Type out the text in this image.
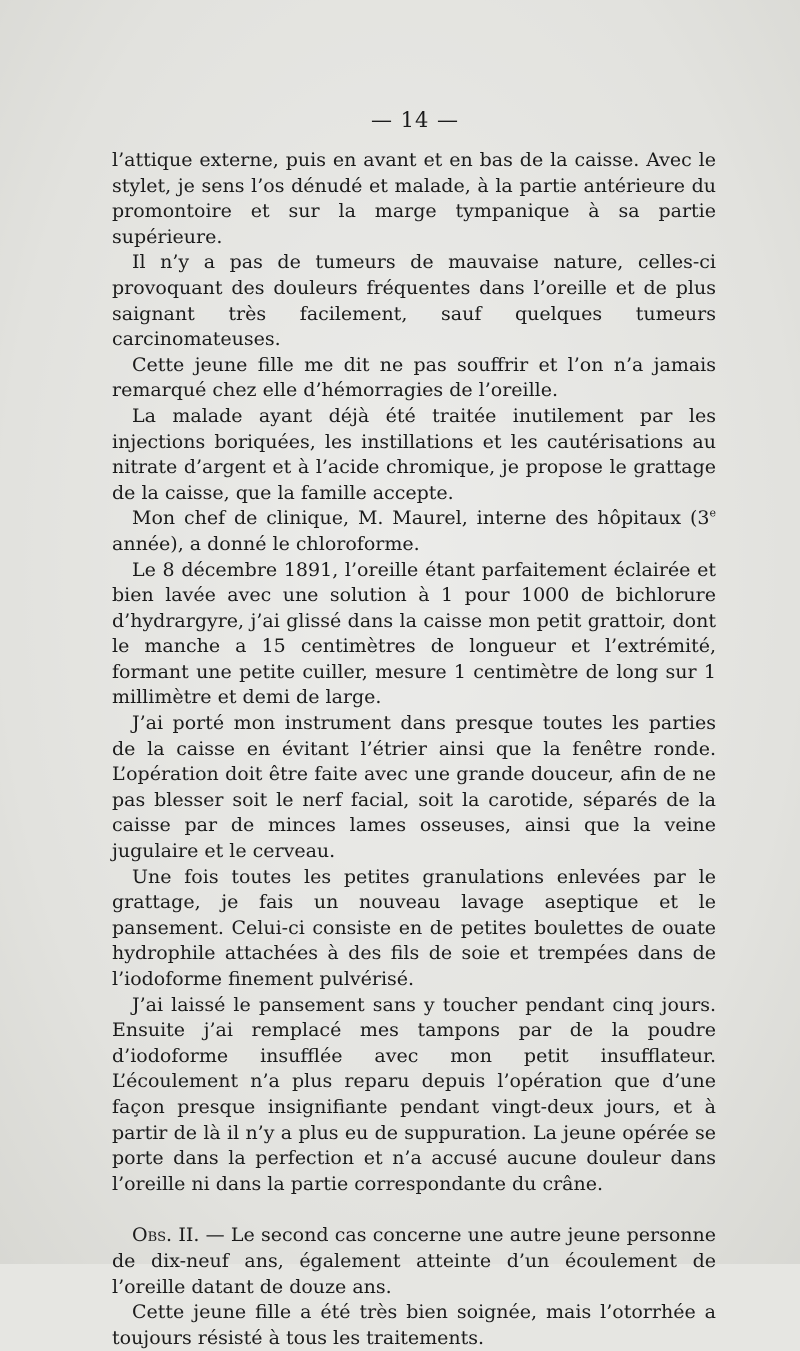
— 14 —

l’attique externe, puis en avant et en bas de la caisse. Avec le stylet, je sens l’os dénudé et malade, à la partie antérieure du promontoire et sur la marge tympanique à sa partie supérieure.

Il n’y a pas de tumeurs de mauvaise nature, celles-ci provoquant des douleurs fréquentes dans l’oreille et de plus saignant très facilement, sauf quelques tumeurs carcinomateuses.

Cette jeune fille me dit ne pas souffrir et l’on n’a jamais remarqué chez elle d’hémorragies de l’oreille.

La malade ayant déjà été traitée inutilement par les injections boriquées, les instillations et les cautérisations au nitrate d’argent et à l’acide chromique, je propose le grattage de la caisse, que la famille accepte.

Mon chef de clinique, M. Maurel, interne des hôpitaux (3e année), a donné le chloroforme.

Le 8 décembre 1891, l’oreille étant parfaitement éclairée et bien lavée avec une solution à 1 pour 1000 de bichlorure d’hydrargyre, j’ai glissé dans la caisse mon petit grattoir, dont le manche a 15 centimètres de longueur et l’extrémité, formant une petite cuiller, mesure 1 centimètre de long sur 1 millimètre et demi de large.

J’ai porté mon instrument dans presque toutes les parties de la caisse en évitant l’étrier ainsi que la fenêtre ronde. L’opération doit être faite avec une grande douceur, afin de ne pas blesser soit le nerf facial, soit la carotide, séparés de la caisse par de minces lames osseuses, ainsi que la veine jugulaire et le cerveau.

Une fois toutes les petites granulations enlevées par le grattage, je fais un nouveau lavage aseptique et le pansement. Celui-ci consiste en de petites boulettes de ouate hydrophile attachées à des fils de soie et trempées dans de l’iodoforme finement pulvérisé.

J’ai laissé le pansement sans y toucher pendant cinq jours. Ensuite j’ai remplacé mes tampons par de la poudre d’iodoforme insufflée avec mon petit insufflateur. L’écoulement n’a plus reparu depuis l’opération que d’une façon presque insignifiante pendant vingt-deux jours, et à partir de là il n’y a plus eu de suppuration. La jeune opérée se porte dans la perfection et n’a accusé aucune douleur dans l’oreille ni dans la partie correspondante du crâne.

Obs. II. — Le second cas concerne une autre jeune personne de dix-neuf ans, également atteinte d’un écoulement de l’oreille datant de douze ans.

Cette jeune fille a été très bien soignée, mais l’otorrhée a toujours résisté à tous les traitements.
